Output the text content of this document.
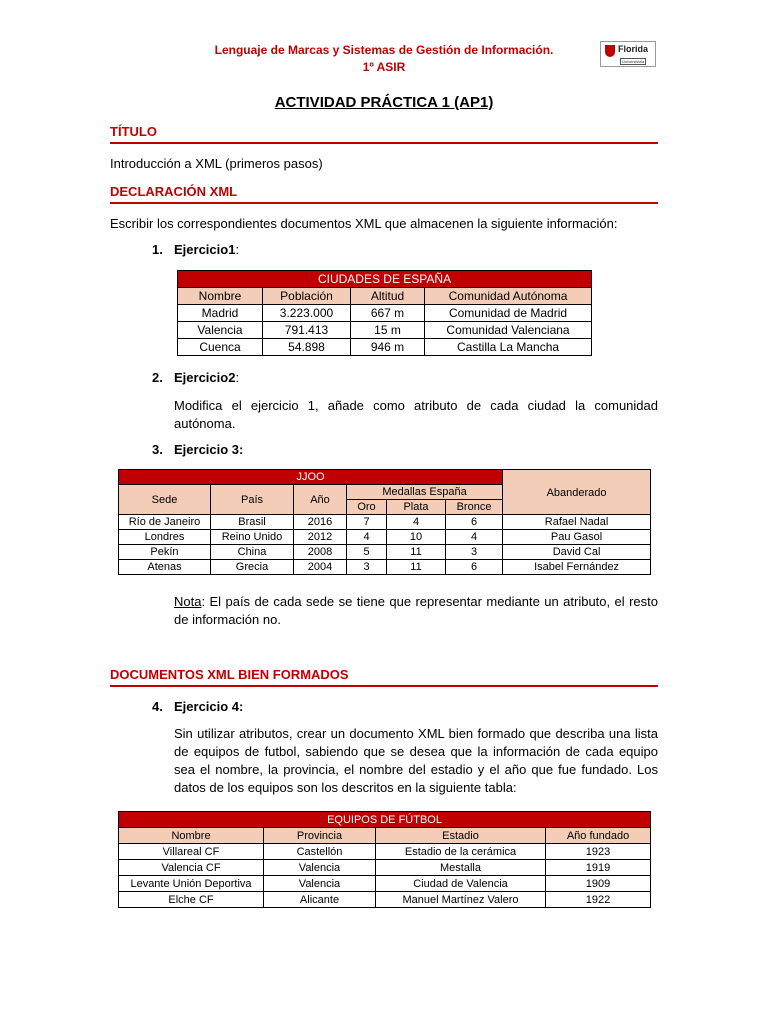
Lenguaje de Marcas y Sistemas de Gestión de Información.
1º ASIR
Florida
Universitària
ACTIVIDAD PRÁCTICA 1 (AP1)
TÍTULO
Introducción a XML (primeros pasos)
DECLARACIÓN XML
Escribir los correspondientes documentos XML que almacenen la siguiente información:
1. Ejercicio1:
CIUDADES DE ESPAÑA			
Nombre	Población	Altitud	Comunidad Autónoma
Madrid	3.223.000	667 m	Comunidad de Madrid
Valencia	791.413	15 m	Comunidad Valenciana
Cuenca	54.898	946 m	Castilla La Mancha
2. Ejercicio2:
Modifica el ejercicio 1, añade como atributo de cada ciudad la comunidad autónoma.
3. Ejercicio 3:
JJOO						Abanderado

Sede	País	Año	Medallas España			
			Oro	Plata	Bronce	
Río de Janeiro	Brasil	2016	7	4	6	Rafael Nadal
Londres	Reino Unido	2012	4	10	4	Pau Gasol
Pekín	China	2008	5	11	3	David Cal
Atenas	Grecia	2004	3	11	6	Isabel Fernández
Nota: El país de cada sede se tiene que representar mediante un atributo, el resto de información no.
DOCUMENTOS XML BIEN FORMADOS
4. Ejercicio 4:
Sin utilizar atributos, crear un documento XML bien formado que describa una lista de equipos de futbol, sabiendo que se desea que la información de cada equipo sea el nombre, la provincia, el nombre del estadio y el año que fue fundado. Los datos de los equipos son los descritos en la siguiente tabla:
EQUIPOS DE FÚTBOL			
Nombre	Provincia	Estadio	Año fundado
Villareal CF	Castellón	Estadio de la cerámica	1923
Valencia CF	Valencia	Mestalla	1919
Levante Unión Deportiva	Valencia	Ciudad de Valencia	1909
Elche CF	Alicante	Manuel Martínez Valero	1922
